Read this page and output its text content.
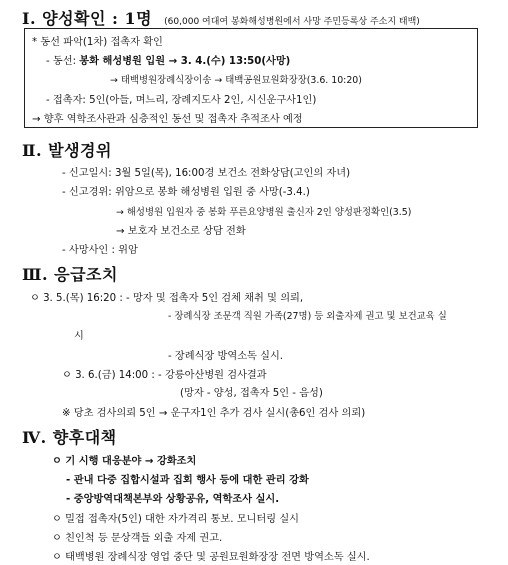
Ⅰ. 양성확인 : 1명 (60,000 여대여 봉화해성병원에서 사망 주민등록상 주소지 태백)
* 동선 파악(1차) 접촉자 확인
- 동선: 봉화 해성병원 입원 → 3. 4.(수) 13:50(사망)
→ 태백병원장례식장이송 → 태백공원묘원화장장(3.6. 10:20)
- 접촉자: 5인(아들, 며느리, 장례지도사 2인, 시신운구사1인)
→ 향후 역학조사관과 심층적인 동선 및 접촉자 추적조사 예정
Ⅱ. 발생경위
- 신고일시: 3월 5일(목), 16:00경 보건소 전화상담(고인의 자녀)
- 신고경위: 위암으로 봉화 해성병원 입원 중 사망(-3.4.)
→ 해성병원 입원자 중 봉화 푸른요양병원 출신자 2인 양성판정확인(3.5)
→ 보호자 보건소로 상담 전화
- 사망사인 : 위암
Ⅲ. 응급조치
ㅇ 3. 5.(목) 16:20 : - 망자 및 접촉자 5인 검체 채취 및 의뢰,
- 장례식장 조문객 직원 가족(27명) 등 외출자제 권고 및 보건교육 실
시
- 장례식장 방역소독 실시.
ㅇ 3. 6.(금) 14:00 : - 강릉아산병원 검사결과
(망자 - 양성, 접촉자 5인 - 음성)
※ 당초 검사의뢰 5인 → 운구자1인 추가 검사 실시(총6인 검사 의뢰)
Ⅳ. 향후대책
ㅇ 기 시행 대응분야 → 강화조치
- 관내 다중 집합시설과 집회 행사 등에 대한 관리 강화
- 중앙방역대책본부와 상황공유, 역학조사 실시.
ㅇ 밀접 접촉자(5인) 대한 자가격리 통보. 모니터링 실시
ㅇ 친인척 등 문상객들 외출 자제 권고.
ㅇ 태백병원 장례식장 영업 중단 및 공원묘원화장장 전면 방역소독 실시.
